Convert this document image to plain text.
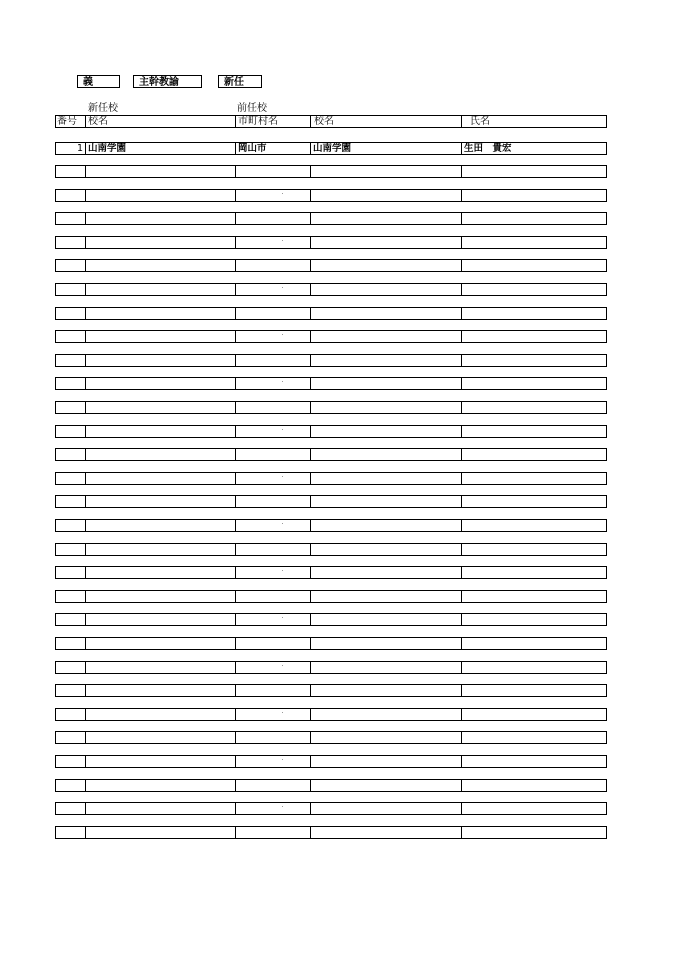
義	主幹教諭	新任
新任校	前任校
番号	校名	市町村名	校名	氏名
1 山南学園	岡山市	山南学園	生田　貴宏
